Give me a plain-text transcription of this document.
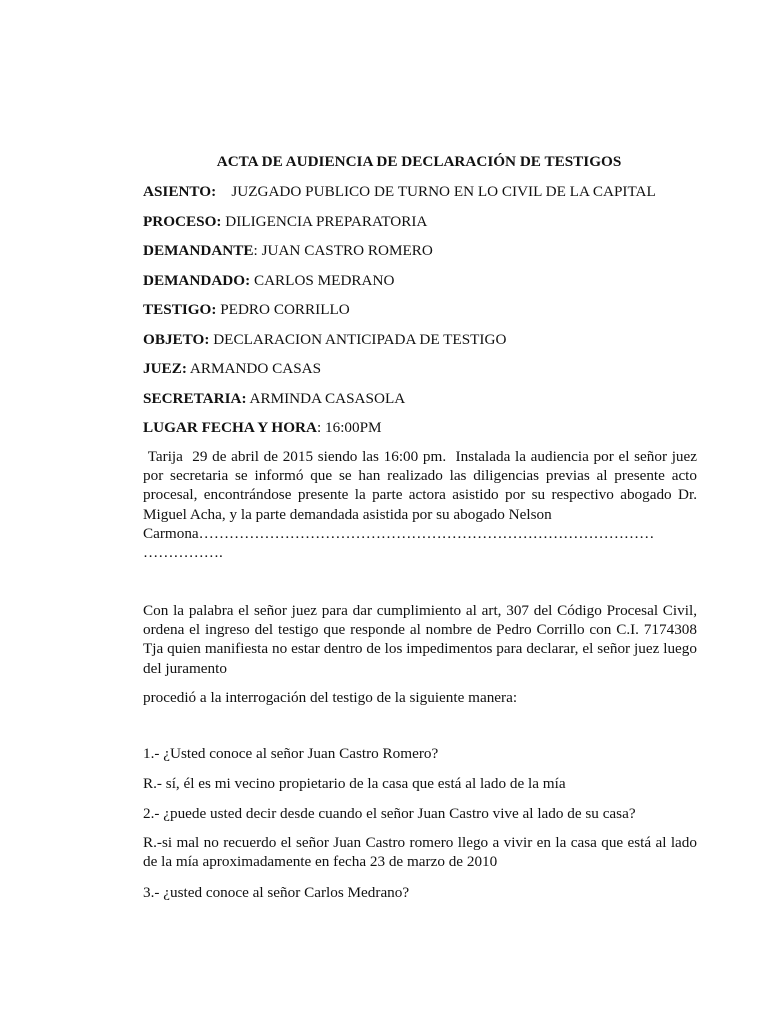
ACTA DE AUDIENCIA DE DECLARACIÓN DE TESTIGOS
ASIENTO:    JUZGADO PUBLICO DE TURNO EN LO CIVIL DE LA CAPITAL
PROCESO: DILIGENCIA PREPARATORIA
DEMANDANTE: JUAN CASTRO ROMERO
DEMANDADO: CARLOS MEDRANO
TESTIGO: PEDRO CORRILLO
OBJETO: DECLARACION ANTICIPADA DE TESTIGO
JUEZ: ARMANDO CASAS
SECRETARIA: ARMINDA CASASOLA
LUGAR FECHA Y HORA: 16:00PM
Tarija  29 de abril de 2015 siendo las 16:00 pm.  Instalada la audiencia por el señor juez por secretaria se informó que se han realizado las diligencias previas al presente acto procesal, encontrándose presente la parte actora asistido por su respectivo abogado Dr. Miguel Acha, y la parte demandada asistida por su abogado Nelson
Carmona………………………………………………………………………………
…………….
Con la palabra el señor juez para dar cumplimiento al art, 307 del Código Procesal Civil, ordena el ingreso del testigo que responde al nombre de Pedro Corrillo con C.I. 7174308 Tja quien manifiesta no estar dentro de los impedimentos para declarar, el señor juez luego del juramento
procedió a la interrogación del testigo de la siguiente manera:
1.- ¿Usted conoce al señor Juan Castro Romero?
R.- sí, él es mi vecino propietario de la casa que está al lado de la mía
2.- ¿puede usted decir desde cuando el señor Juan Castro vive al lado de su casa?
R.-si mal no recuerdo el señor Juan Castro romero llego a vivir en la casa que está al lado de la mía aproximadamente en fecha 23 de marzo de 2010
3.- ¿usted conoce al señor Carlos Medrano?
